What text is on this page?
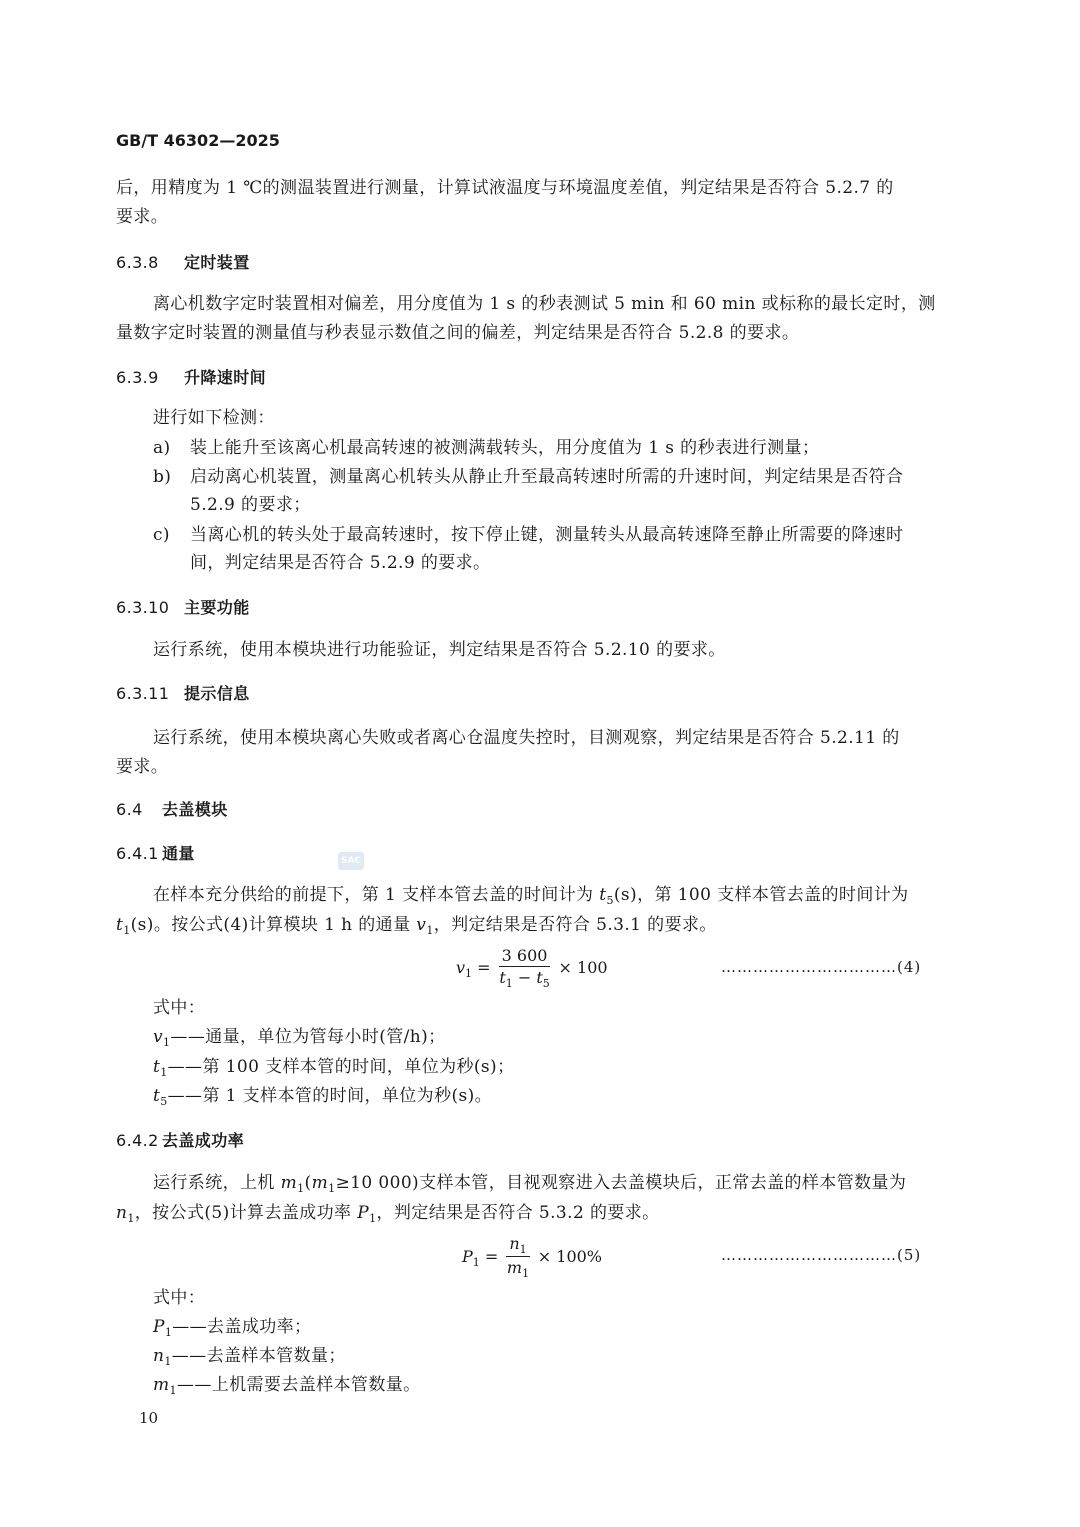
GB/T 46302—2025
后，用精度为 1 ℃的测温装置进行测量，计算试液温度与环境温度差值，判定结果是否符合 5.2.7 的
要求。
6.3.8 定时装置
离心机数字定时装置相对偏差，用分度值为 1 s 的秒表测试 5 min 和 60 min 或标称的最长定时，测
量数字定时装置的测量值与秒表显示数值之间的偏差，判定结果是否符合 5.2.8 的要求。
6.3.9 升降速时间
进行如下检测：
a) 装上能升至该离心机最高转速的被测满载转头，用分度值为 1 s 的秒表进行测量；
b) 启动离心机装置，测量离心机转头从静止升至最高转速时所需的升速时间，判定结果是否符合
5.2.9 的要求；
c) 当离心机的转头处于最高转速时，按下停止键，测量转头从最高转速降至静止所需要的降速时
间，判定结果是否符合 5.2.9 的要求。
6.3.10 主要功能
运行系统，使用本模块进行功能验证，判定结果是否符合 5.2.10 的要求。
6.3.11 提示信息
运行系统，使用本模块离心失败或者离心仓温度失控时，目测观察，判定结果是否符合 5.2.11 的
要求。
6.4 去盖模块
6.4.1 通量	SAC
在样本充分供给的前提下，第 1 支样本管去盖的时间计为 $t_5(s)$，第 100 支样本管去盖的时间计为
$t_1(s)$。按公式(4)计算模块 1 h 的通量 $v_1$，判定结果是否符合 5.3.1 的要求。
$v_1 = \frac{3 600}{t_1 - t_5} \times 100$	……………………………(4)
式中：
$v_1——$通量，单位为管每小时(管/h)；
$t_1——$第 100 支样本管的时间，单位为秒(s)；
$t_5——$第 1 支样本管的时间，单位为秒(s)。
6.4.2 去盖成功率
运行系统，上机 $m_1(m_1\ge 10$ 000)支样本管，目视观察进入去盖模块后，正常去盖的样本管数量为
$n_1$，按公式(5)计算去盖成功率 $P_1$，判定结果是否符合 5.3.2 的要求。
$P_1 = \frac{n_1}{m_1} \times 100\%$	……………………………(5)
式中：
$P_1——$去盖成功率；
$n_1——$去盖样本管数量；
$m_1——$上机需要去盖样本管数量。
10
